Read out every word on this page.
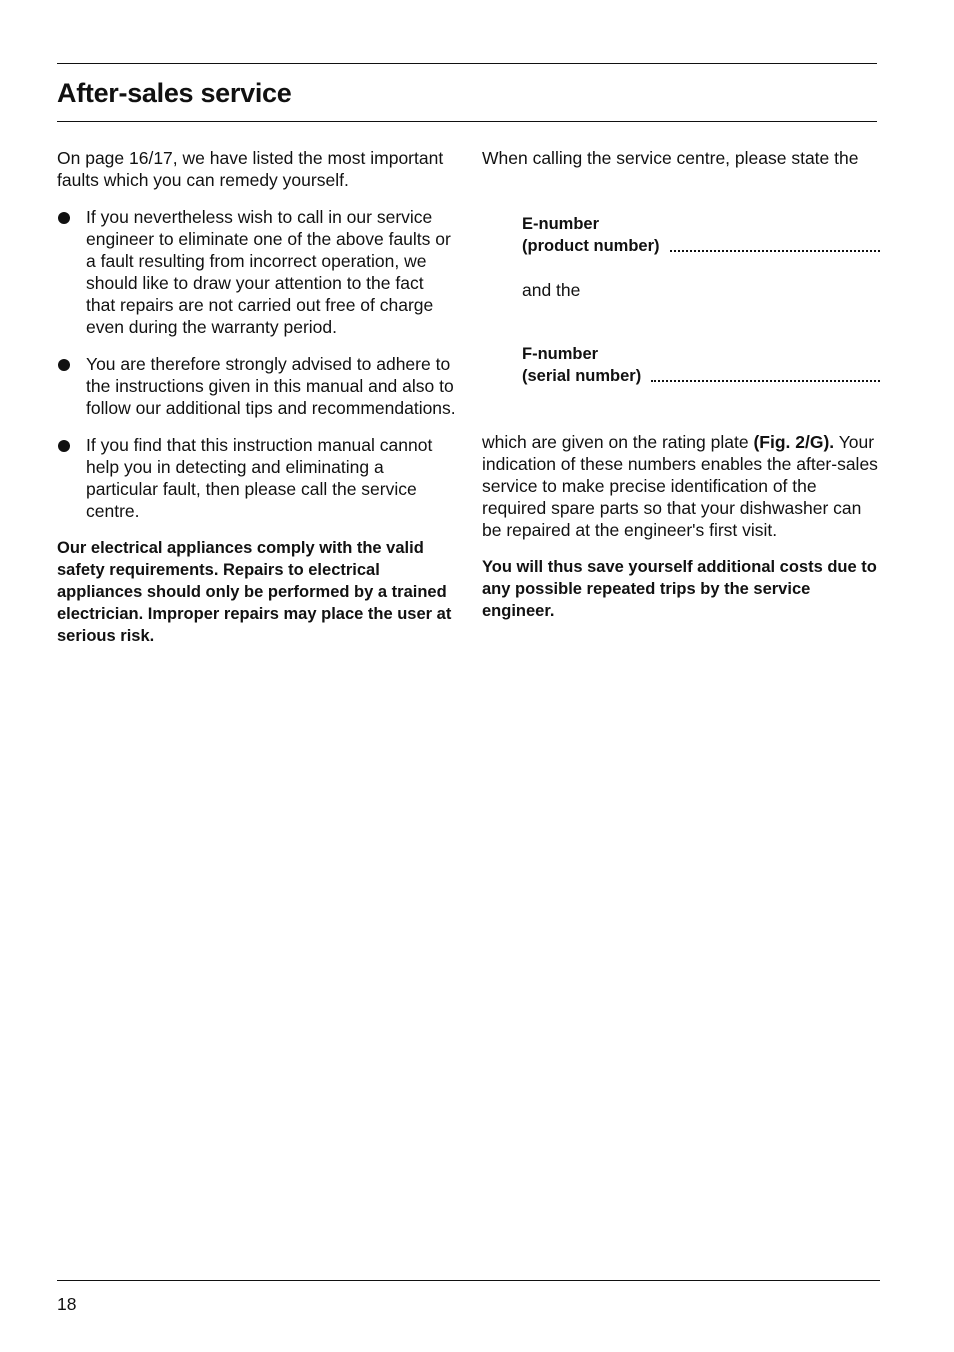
After-sales service

On page 16/17, we have listed the most important faults which you can remedy yourself.

If you nevertheless wish to call in our service engineer to eliminate one of the above faults or a fault resulting from incorrect operation, we should like to draw your attention to the fact that repairs are not carried out free of charge even during the warranty period.
You are therefore strongly advised to adhere to the instructions given in this manual and also to follow our additional tips and recommendations.
If you find that this instruction manual cannot help you in detecting and eliminating a particular fault, then please call the service centre.

Our electrical appliances comply with the valid safety requirements. Repairs to electrical appliances should only be performed by a trained electrician. Improper repairs may place the user at serious risk.

When calling the service centre, please state the

E-number
(product number)

and the

F-number
(serial number)

which are given on the rating plate (Fig. 2/G). Your indication of these numbers enables the after-sales service to make precise identification of the required spare parts so that your dishwasher can be repaired at the engineer's first visit.

You will thus save yourself additional costs due to any possible repeated trips by the service engineer.

18
